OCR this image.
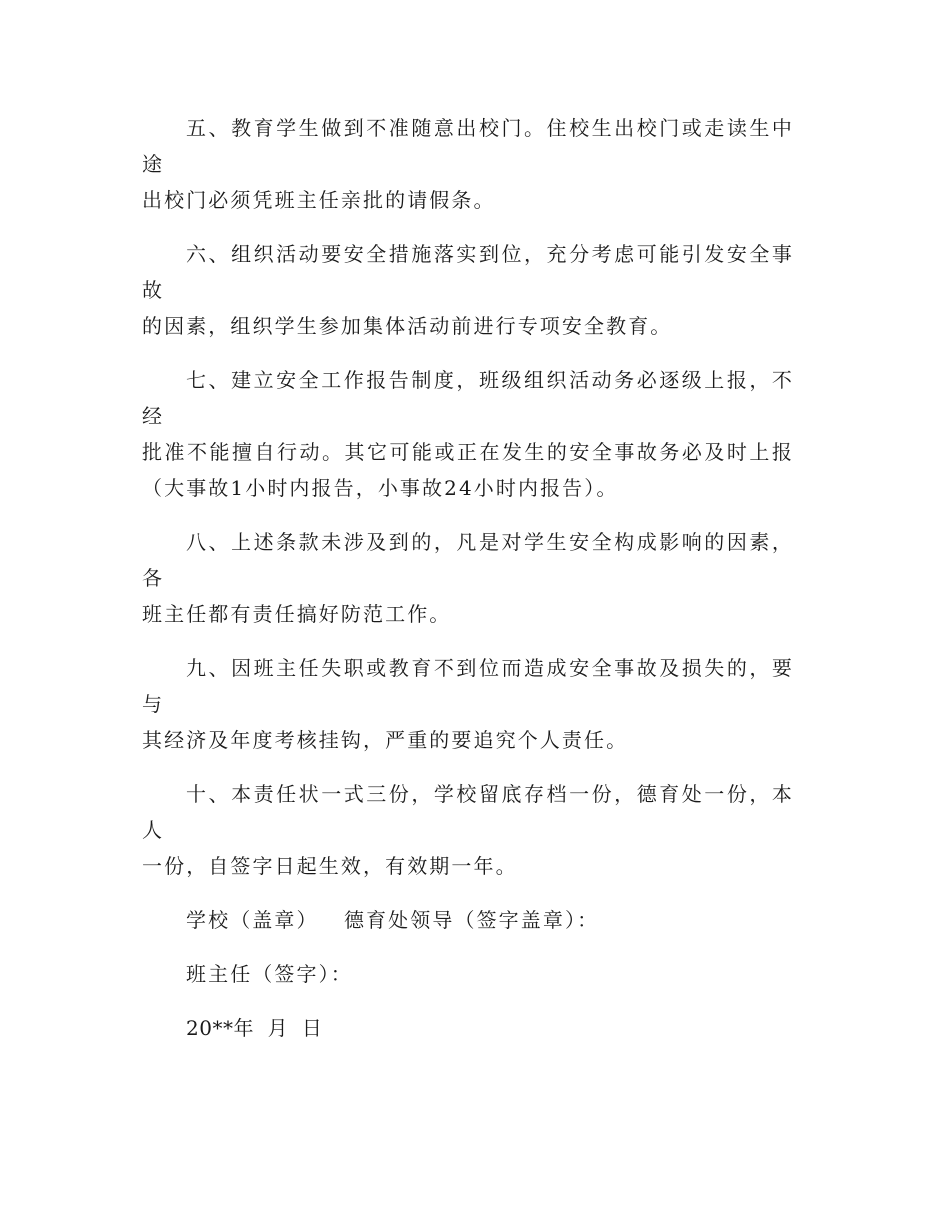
五、教育学生做到不准随意出校门。住校生出校门或走读生中途
出校门必须凭班主任亲批的请假条。
六、组织活动要安全措施落实到位，充分考虑可能引发安全事故
的因素，组织学生参加集体活动前进行专项安全教育。
七、建立安全工作报告制度，班级组织活动务必逐级上报，不经
批准不能擅自行动。其它可能或正在发生的安全事故务必及时上报
（大事故1小时内报告，小事故24小时内报告）。
八、上述条款未涉及到的，凡是对学生安全构成影响的因素，各
班主任都有责任搞好防范工作。
九、因班主任失职或教育不到位而造成安全事故及损失的，要与
其经济及年度考核挂钩，严重的要追究个人责任。
十、本责任状一式三份，学校留底存档一份，德育处一份，本人
一份，自签字日起生效，有效期一年。
学校（盖章）   德育处领导（签字盖章）：
班主任（签字）：
20**年  月  日
